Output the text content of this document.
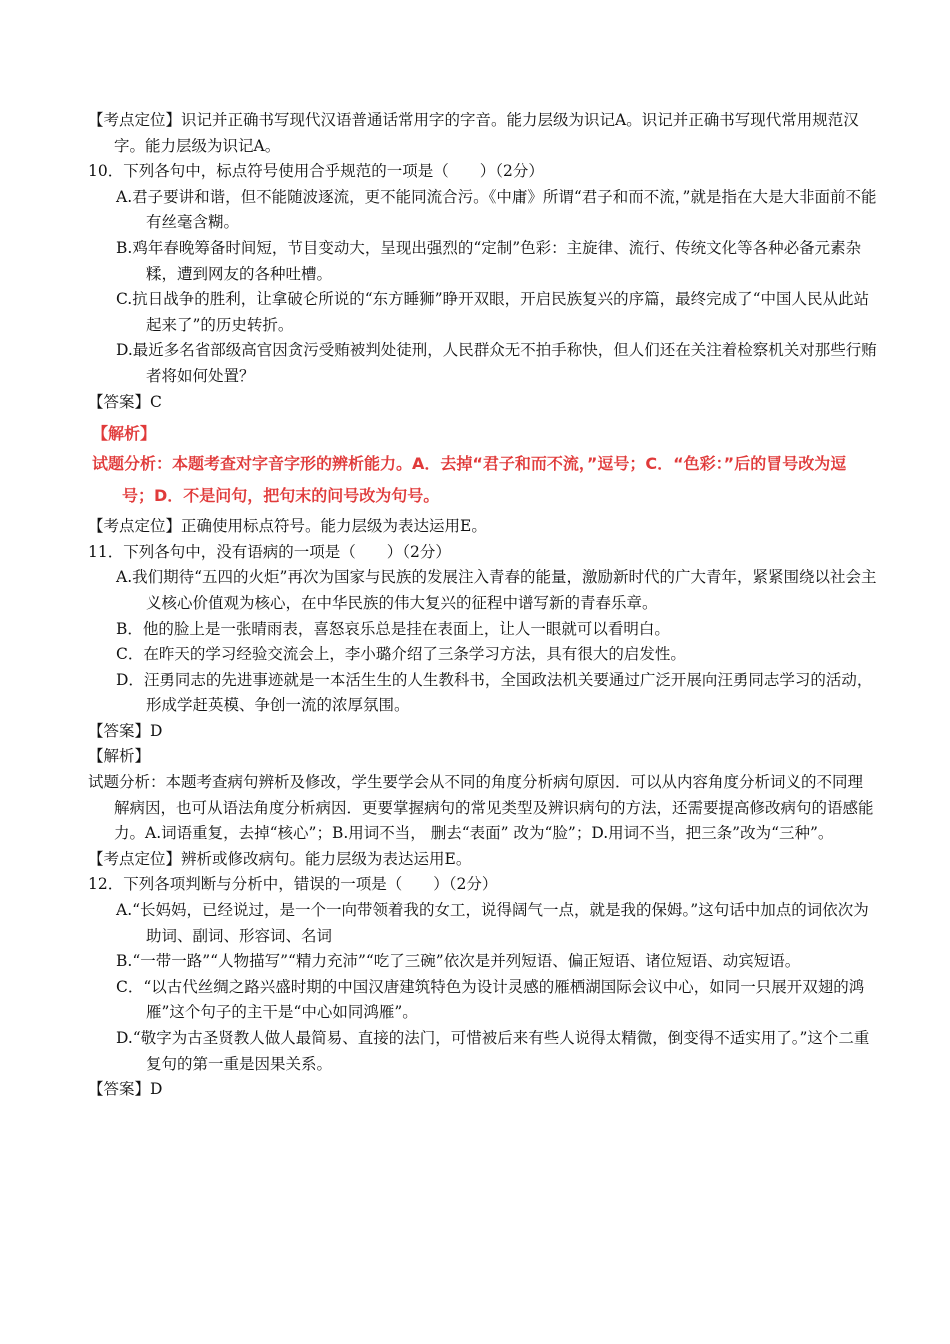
【考点定位】识记并正确书写现代汉语普通话常用字的字音。能力层级为识记A。识记并正确书写现代常用规范汉字。能力层级为识记A。
10．下列各句中，标点符号使用合乎规范的一项是（　　）（2分）
A.君子要讲和谐，但不能随波逐流，更不能同流合污。《中庸》所谓“君子和而不流，”就是指在大是大非面前不能有丝毫含糊。
B.鸡年春晚筹备时间短，节目变动大，呈现出强烈的“定制”色彩：主旋律、流行、传统文化等各种必备元素杂糅，遭到网友的各种吐槽。
C.抗日战争的胜利，让拿破仑所说的“东方睡狮”睁开双眼，开启民族复兴的序篇，最终完成了“中国人民从此站起来了”的历史转折。
D.最近多名省部级高官因贪污受贿被判处徒刑，人民群众无不拍手称快，但人们还在关注着检察机关对那些行贿者将如何处置？
【答案】C
【解析】
试题分析：本题考查对字音字形的辨析能力。A．去掉“君子和而不流，”逗号；C．“色彩：”后的冒号改为逗号；D．不是问句，把句末的问号改为句号。
【考点定位】正确使用标点符号。能力层级为表达运用E。
11．下列各句中，没有语病的一项是（　　）（2分）
A.我们期待“五四的火炬”再次为国家与民族的发展注入青春的能量，激励新时代的广大青年，紧紧围绕以社会主义核心价值观为核心，在中华民族的伟大复兴的征程中谱写新的青春乐章。
B．他的脸上是一张晴雨表，喜怒哀乐总是挂在表面上，让人一眼就可以看明白。
C．在昨天的学习经验交流会上，李小璐介绍了三条学习方法，具有很大的启发性。
D．汪勇同志的先进事迹就是一本活生生的人生教科书，全国政法机关要通过广泛开展向汪勇同志学习的活动，形成学赶英模、争创一流的浓厚氛围。
【答案】D
【解析】
试题分析：本题考查病句辨析及修改，学生要学会从不同的角度分析病句原因．可以从内容角度分析词义的不同理解病因，也可从语法角度分析病因．更要掌握病句的常见类型及辨识病句的方法，还需要提高修改病句的语感能力。A.词语重复，去掉“核心”；B.用词不当， 删去“表面” 改为“脸”；D.用词不当，把三条”改为“三种”。
【考点定位】辨析或修改病句。能力层级为表达运用E。
12．下列各项判断与分析中，错误的一项是（　　）（2分）
A.“长妈妈，已经说过，是一个一向带领着我的女工，说得阔气一点，就是我的保姆。”这句话中加点的词依次为助词、副词、形容词、名词
B.“一带一路”“人物描写”“精力充沛”“吃了三碗”依次是并列短语、偏正短语、诸位短语、动宾短语。
C．“以古代丝绸之路兴盛时期的中国汉唐建筑特色为设计灵感的雁栖湖国际会议中心，如同一只展开双翅的鸿雁”这个句子的主干是“中心如同鸿雁”。
D.“敬字为古圣贤教人做人最简易、直接的法门，可惜被后来有些人说得太精微，倒变得不适实用了。”这个二重复句的第一重是因果关系。
【答案】D
